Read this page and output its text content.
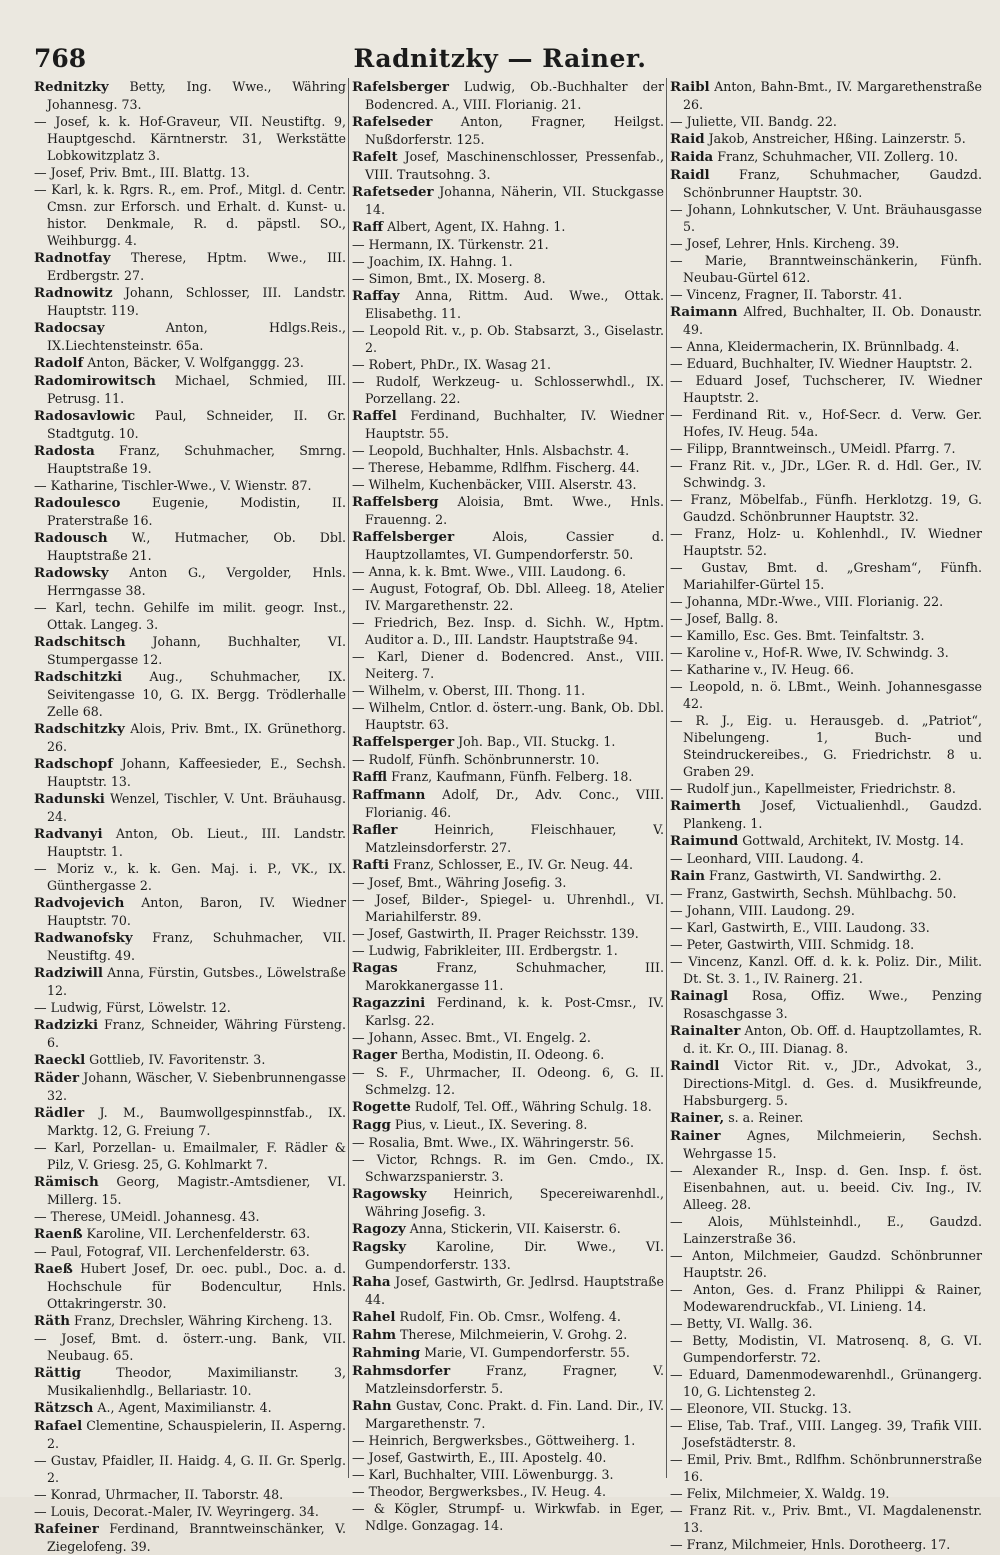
768	Radnitzky — Rainer.

Rednitzky Betty, Ing. Wwe., Währing Johannesg. 73.

— Josef, k. k. Hof-Graveur, VII. Neustiftg. 9, Hauptgeschd. Kärntnerstr. 31, Werkstätte Lobkowitzplatz 3.

— Josef, Priv. Bmt., III. Blattg. 13.

— Karl, k. k. Rgrs. R., em. Prof., Mitgl. d. Centr. Cmsn. zur Erforsch. und Erhalt. d. Kunst- u. histor. Denkmale, R. d. päpstl. SO., Weihburgg. 4.

Radnotfay Therese, Hptm. Wwe., III. Erdbergstr. 27.

Radnowitz Johann, Schlosser, III. Landstr. Hauptstr. 119.

Radocsay Anton, Hdlgs.Reis., IX.Liechtensteinstr. 65a.

Radolf Anton, Bäcker, V. Wolfganggg. 23.

Radomirowitsch Michael, Schmied, III. Petrusg. 11.

Radosavlowic Paul, Schneider, II. Gr. Stadtgutg. 10.

Radosta Franz, Schuhmacher, Smrng. Hauptstraße 19.

— Katharine, Tischler-Wwe., V. Wienstr. 87.

Radoulesco Eugenie, Modistin, II. Praterstraße 16.

Radousch W., Hutmacher, Ob. Dbl. Hauptstraße 21.

Radowsky Anton G., Vergolder, Hnls. Herrngasse 38.

— Karl, techn. Gehilfe im milit. geogr. Inst., Ottak. Langeg. 3.

Radschitsch Johann, Buchhalter, VI. Stumpergasse 12.

Radschitzki Aug., Schuhmacher, IX. Seivitengasse 10, G. IX. Bergg. Trödlerhalle Zelle 68.

Radschitzky Alois, Priv. Bmt., IX. Grünethorg. 26.

Radschopf Johann, Kaffeesieder, E., Sechsh. Hauptstr. 13.

Radunski Wenzel, Tischler, V. Unt. Bräuhausg. 24.

Radvanyi Anton, Ob. Lieut., III. Landstr. Hauptstr. 1.

— Moriz v., k. k. Gen. Maj. i. P., VK., IX. Günthergasse 2.

Radvojevich Anton, Baron, IV. Wiedner Hauptstr. 70.

Radwanofsky Franz, Schuhmacher, VII. Neustiftg. 49.

Radziwill Anna, Fürstin, Gutsbes., Löwelstraße 12.

— Ludwig, Fürst, Löwelstr. 12.

Radzizki Franz, Schneider, Währing Fürsteng. 6.

Raeckl Gottlieb, IV. Favoritenstr. 3.

Räder Johann, Wäscher, V. Siebenbrunnengasse 32.

Rädler J. M., Baumwollgespinnstfab., IX. Marktg. 12, G. Freiung 7.

— Karl, Porzellan- u. Emailmaler, F. Rädler & Pilz, V. Griesg. 25, G. Kohlmarkt 7.

Rämisch Georg, Magistr.-Amtsdiener, VI. Millerg. 15.

— Therese, UMeidl. Johannesg. 43.

Raenß Karoline, VII. Lerchenfelderstr. 63.

— Paul, Fotograf, VII. Lerchenfelderstr. 63.

Raeß Hubert Josef, Dr. oec. publ., Doc. a. d. Hochschule für Bodencultur, Hnls. Ottakringerstr. 30.

Räth Franz, Drechsler, Währing Kircheng. 13.

— Josef, Bmt. d. österr.-ung. Bank, VII. Neubaug. 65.

Rättig Theodor, Maximilianstr. 3, Musikalienhdlg., Bellariastr. 10.

Rätzsch A., Agent, Maximilianstr. 4.

Rafael Clementine, Schauspielerin, II. Asperng. 2.

— Gustav, Pfaidler, II. Haidg. 4, G. II. Gr. Sperlg. 2.

— Konrad, Uhrmacher, II. Taborstr. 48.

— Louis, Decorat.-Maler, IV. Weyringerg. 34.

Rafeiner Ferdinand, Branntweinschänker, V. Ziegelofeng. 39.

Rafelsberger Ludwig, Ob.-Buchhalter der Bodencred. A., VIII. Florianig. 21.

Rafelseder Anton, Fragner, Heilgst. Nußdorferstr. 125.

Rafelt Josef, Maschinenschlosser, Pressenfab., VIII. Trautsohng. 3.

Rafetseder Johanna, Näherin, VII. Stuckgasse 14.

Raff Albert, Agent, IX. Hahng. 1.

— Hermann, IX. Türkenstr. 21.

— Joachim, IX. Hahng. 1.

— Simon, Bmt., IX. Moserg. 8.

Raffay Anna, Rittm. Aud. Wwe., Ottak. Elisabethg. 11.

— Leopold Rit. v., p. Ob. Stabsarzt, 3., Giselastr. 2.

— Robert, PhDr., IX. Wasag 21.

— Rudolf, Werkzeug- u. Schlosserwhdl., IX. Porzellang. 22.

Raffel Ferdinand, Buchhalter, IV. Wiedner Hauptstr. 55.

— Leopold, Buchhalter, Hnls. Alsbachstr. 4.

— Therese, Hebamme, Rdlfhm. Fischerg. 44.

— Wilhelm, Kuchenbäcker, VIII. Alserstr. 43.

Raffelsberg Aloisia, Bmt. Wwe., Hnls. Frauenng. 2.

Raffelsberger Alois, Cassier d. Hauptzollamtes, VI. Gumpendorferstr. 50.

— Anna, k. k. Bmt. Wwe., VIII. Laudong. 6.

— August, Fotograf, Ob. Dbl. Alleeg. 18, Atelier IV. Margarethenstr. 22.

— Friedrich, Bez. Insp. d. Sichh. W., Hptm. Auditor a. D., III. Landstr. Hauptstraße 94.

— Karl, Diener d. Bodencred. Anst., VIII. Neiterg. 7.

— Wilhelm, v. Oberst, III. Thong. 11.

— Wilhelm, Cntlor. d. österr.-ung. Bank, Ob. Dbl. Hauptstr. 63.

Raffelsperger Joh. Bap., VII. Stuckg. 1.

— Rudolf, Fünfh. Schönbrunnerstr. 10.

Raffl Franz, Kaufmann, Fünfh. Felberg. 18.

Raffmann Adolf, Dr., Adv. Conc., VIII. Florianig. 46.

Rafler Heinrich, Fleischhauer, V. Matzleinsdorferstr. 27.

Rafti Franz, Schlosser, E., IV. Gr. Neug. 44.

— Josef, Bmt., Währing Josefig. 3.

— Josef, Bilder-, Spiegel- u. Uhrenhdl., VI. Mariahilferstr. 89.

— Josef, Gastwirth, II. Prager Reichsstr. 139.

— Ludwig, Fabrikleiter, III. Erdbergstr. 1.

Ragas Franz, Schuhmacher, III. Marokkanergasse 11.

Ragazzini Ferdinand, k. k. Post-Cmsr., IV. Karlsg. 22.

— Johann, Assec. Bmt., VI. Engelg. 2.

Rager Bertha, Modistin, II. Odeong. 6.

— S. F., Uhrmacher, II. Odeong. 6, G. II. Schmelzg. 12.

Rogette Rudolf, Tel. Off., Währing Schulg. 18.

Ragg Pius, v. Lieut., IX. Severing. 8.

— Rosalia, Bmt. Wwe., IX. Währingerstr. 56.

— Victor, Rchngs. R. im Gen. Cmdo., IX. Schwarzspanierstr. 3.

Ragowsky Heinrich, Specereiwarenhdl., Währing Josefig. 3.

Ragozy Anna, Stickerin, VII. Kaiserstr. 6.

Ragsky Karoline, Dir. Wwe., VI. Gumpendorferstr. 133.

Raha Josef, Gastwirth, Gr. Jedlrsd. Hauptstraße 44.

Rahel Rudolf, Fin. Ob. Cmsr., Wolfeng. 4.

Rahm Therese, Milchmeierin, V. Grohg. 2.

Rahming Marie, VI. Gumpendorferstr. 55.

Rahmsdorfer Franz, Fragner, V. Matzleinsdorferstr. 5.

Rahn Gustav, Conc. Prakt. d. Fin. Land. Dir., IV. Margarethenstr. 7.

— Heinrich, Bergwerksbes., Göttweiherg. 1.

— Josef, Gastwirth, E., III. Apostelg. 40.

— Karl, Buchhalter, VIII. Löwenburgg. 3.

— Theodor, Bergwerksbes., IV. Heug. 4.

— & Kögler, Strumpf- u. Wirkwfab. in Eger, Ndlge. Gonzagag. 14.

Raibl Anton, Bahn-Bmt., IV. Margarethenstraße 26.

— Juliette, VII. Bandg. 22.

Raid Jakob, Anstreicher, Hßing. Lainzerstr. 5.

Raida Franz, Schuhmacher, VII. Zollerg. 10.

Raidl Franz, Schuhmacher, Gaudzd. Schönbrunner Hauptstr. 30.

— Johann, Lohnkutscher, V. Unt. Bräuhausgasse 5.

— Josef, Lehrer, Hnls. Kircheng. 39.

— Marie, Branntweinschänkerin, Fünfh. Neubau-Gürtel 612.

— Vincenz, Fragner, II. Taborstr. 41.

Raimann Alfred, Buchhalter, II. Ob. Donaustr. 49.

— Anna, Kleidermacherin, IX. Brünnlbadg. 4.

— Eduard, Buchhalter, IV. Wiedner Hauptstr. 2.

— Eduard Josef, Tuchscherer, IV. Wiedner Hauptstr. 2.

— Ferdinand Rit. v., Hof-Secr. d. Verw. Ger. Hofes, IV. Heug. 54a.

— Filipp, Branntweinsch., UMeidl. Pfarrg. 7.

— Franz Rit. v., JDr., LGer. R. d. Hdl. Ger., IV. Schwindg. 3.

— Franz, Möbelfab., Fünfh. Herklotzg. 19, G. Gaudzd. Schönbrunner Hauptstr. 32.

— Franz, Holz- u. Kohlenhdl., IV. Wiedner Hauptstr. 52.

— Gustav, Bmt. d. „Gresham“, Fünfh. Mariahilfer-Gürtel 15.

— Johanna, MDr.-Wwe., VIII. Florianig. 22.

— Josef, Ballg. 8.

— Kamillo, Esc. Ges. Bmt. Teinfaltstr. 3.

— Karoline v., Hof-R. Wwe, IV. Schwindg. 3.

— Katharine v., IV. Heug. 66.

— Leopold, n. ö. LBmt., Weinh. Johannesgasse 42.

— R. J., Eig. u. Herausgeb. d. „Patriot“, Nibelungeng. 1, Buch- und Steindruckereibes., G. Friedrichstr. 8 u. Graben 29.

— Rudolf jun., Kapellmeister, Friedrichstr. 8.

Raimerth Josef, Victualienhdl., Gaudzd. Plankeng. 1.

Raimund Gottwald, Architekt, IV. Mostg. 14.

— Leonhard, VIII. Laudong. 4.

Rain Franz, Gastwirth, VI. Sandwirthg. 2.

— Franz, Gastwirth, Sechsh. Mühlbachg. 50.

— Johann, VIII. Laudong. 29.

— Karl, Gastwirth, E., VIII. Laudong. 33.

— Peter, Gastwirth, VIII. Schmidg. 18.

— Vincenz, Kanzl. Off. d. k. k. Poliz. Dir., Milit. Dt. St. 3. 1., IV. Rainerg. 21.

Rainagl Rosa, Offiz. Wwe., Penzing Rosaschgasse 3.

Rainalter Anton, Ob. Off. d. Hauptzollamtes, R. d. it. Kr. O., III. Dianag. 8.

Raindl Victor Rit. v., JDr., Advokat, 3., Directions-Mitgl. d. Ges. d. Musikfreunde, Habsburgerg. 5.

Rainer, s. a. Reiner.

Rainer Agnes, Milchmeierin, Sechsh. Wehrgasse 15.

— Alexander R., Insp. d. Gen. Insp. f. öst. Eisenbahnen, aut. u. beeid. Civ. Ing., IV. Alleeg. 28.

— Alois, Mühlsteinhdl., E., Gaudzd. Lainzerstraße 36.

— Anton, Milchmeier, Gaudzd. Schönbrunner Hauptstr. 26.

— Anton, Ges. d. Franz Philippi & Rainer, Modewarendruckfab., VI. Linieng. 14.

— Betty, VI. Wallg. 36.

— Betty, Modistin, VI. Matrosenq. 8, G. VI. Gumpendorferstr. 72.

— Eduard, Damenmodewarenhdl., Grünangerg. 10, G. Lichtensteg 2.

— Eleonore, VII. Stuckg. 13.

— Elise, Tab. Traf., VIII. Langeg. 39, Trafik VIII. Josefstädterstr. 8.

— Emil, Priv. Bmt., Rdlfhm. Schönbrunnerstraße 16.

— Felix, Milchmeier, X. Waldg. 19.

— Franz Rit. v., Priv. Bmt., VI. Magdalenenstr. 13.

— Franz, Milchmeier, Hnls. Dorotheerg. 17.
